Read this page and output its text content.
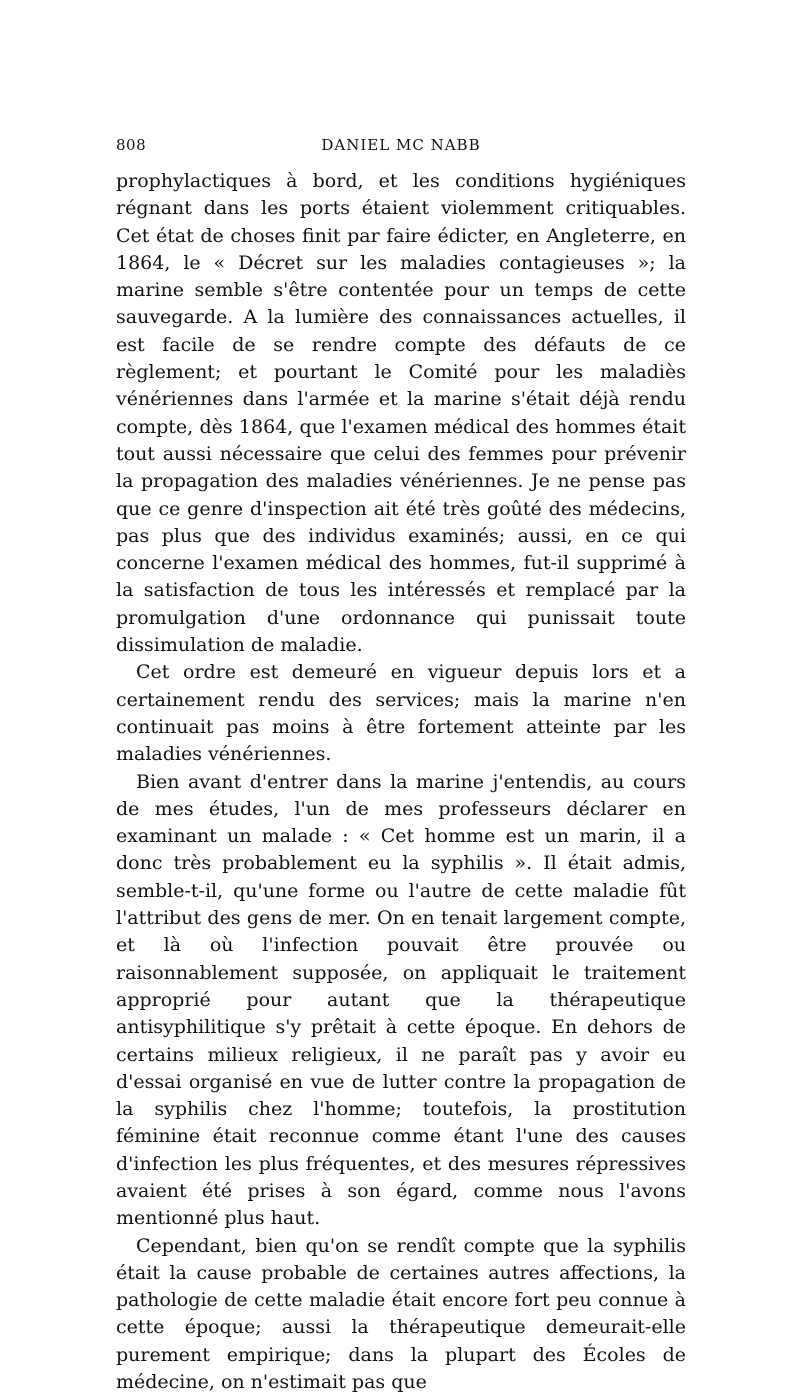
808	DANIEL MC NABB

prophylactiques à bord, et les conditions hygiéniques régnant dans les ports étaient violemment critiquables. Cet état de choses finit par faire édicter, en Angleterre, en 1864, le « Décret sur les maladies contagieuses »; la marine semble s'être contentée pour un temps de cette sauvegarde. A la lumière des connaissances actuelles, il est facile de se rendre compte des défauts de ce règlement; et pourtant le Comité pour les maladiès vénériennes dans l'armée et la marine s'était déjà rendu compte, dès 1864, que l'examen médical des hommes était tout aussi nécessaire que celui des femmes pour prévenir la propagation des maladies vénériennes. Je ne pense pas que ce genre d'inspection ait été très goûté des médecins, pas plus que des individus examinés; aussi, en ce qui concerne l'examen médical des hommes, fut-il supprimé à la satisfaction de tous les intéressés et remplacé par la promulgation d'une ordonnance qui punissait toute dissimulation de maladie.

Cet ordre est demeuré en vigueur depuis lors et a certainement rendu des services; mais la marine n'en continuait pas moins à être fortement atteinte par les maladies vénériennes.

Bien avant d'entrer dans la marine j'entendis, au cours de mes études, l'un de mes professeurs déclarer en examinant un malade : « Cet homme est un marin, il a donc très probablement eu la syphilis ». Il était admis, semble-t-il, qu'une forme ou l'autre de cette maladie fût l'attribut des gens de mer. On en tenait largement compte, et là où l'infection pouvait être prouvée ou raisonnablement supposée, on appliquait le traitement approprié pour autant que la thérapeutique antisyphilitique s'y prêtait à cette époque. En dehors de certains milieux religieux, il ne paraît pas y avoir eu d'essai organisé en vue de lutter contre la propagation de la syphilis chez l'homme; toutefois, la prostitution féminine était reconnue comme étant l'une des causes d'infection les plus fréquentes, et des mesures répressives avaient été prises à son égard, comme nous l'avons mentionné plus haut.

Cependant, bien qu'on se rendît compte que la syphilis était la cause probable de certaines autres affections, la pathologie de cette maladie était encore fort peu connue à cette époque; aussi la thérapeutique demeurait-elle purement empirique; dans la plupart des Écoles de médecine, on n'estimait pas que
